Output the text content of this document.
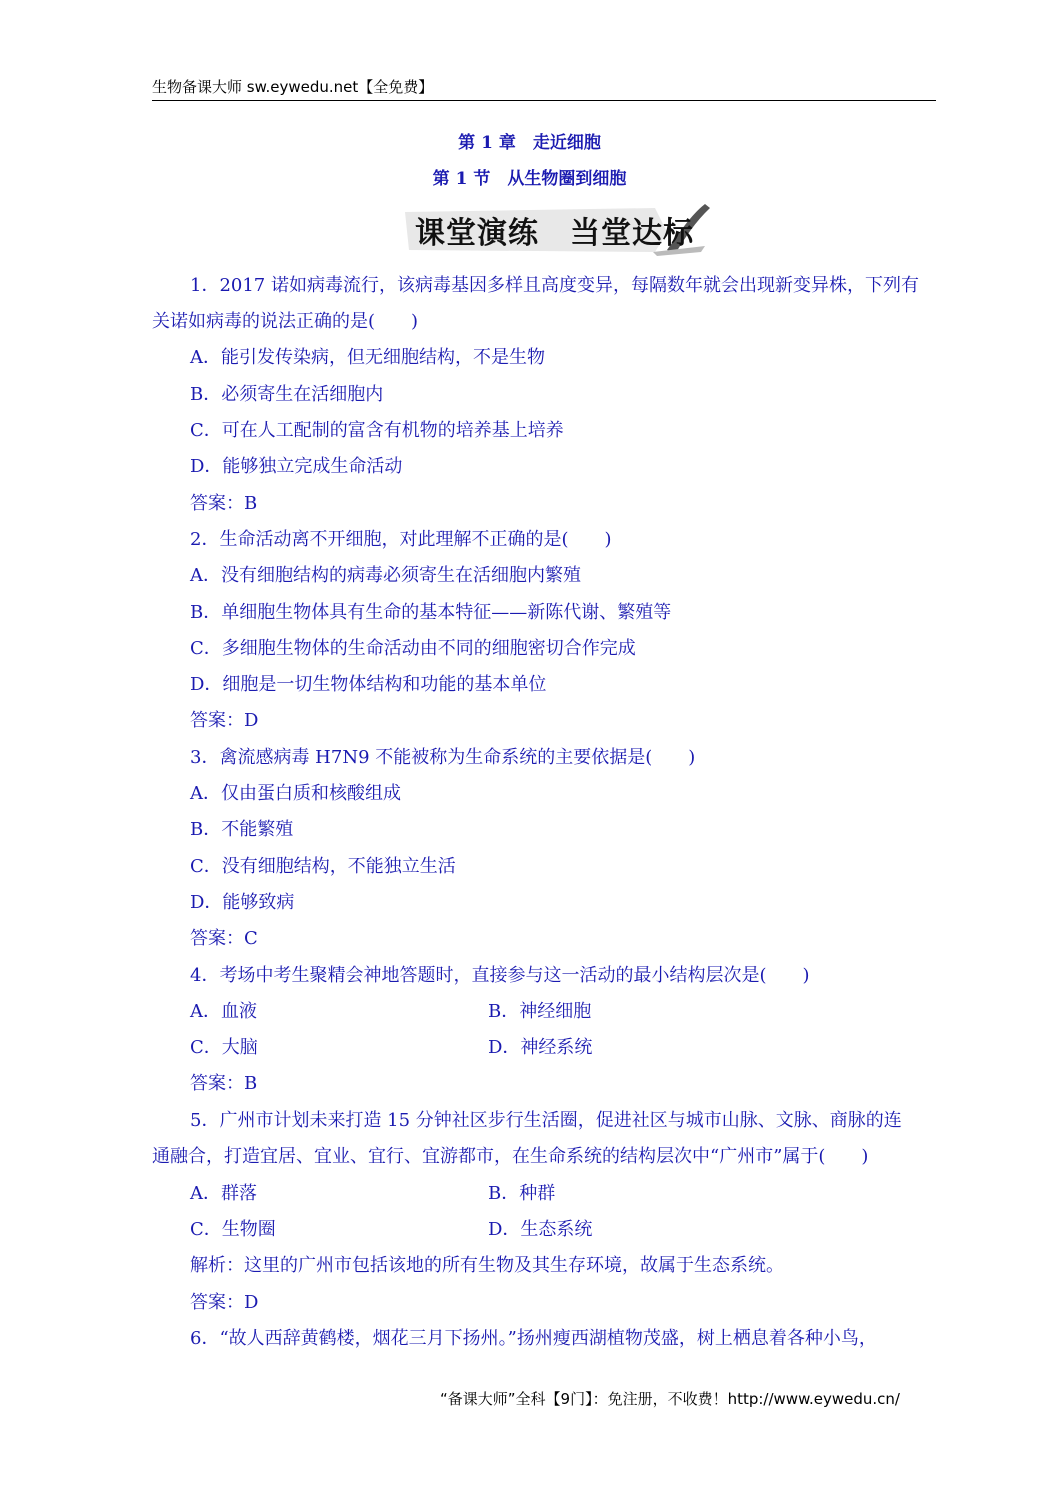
生物备课大师 sw.eywedu.net【全免费】
第 1 章　走近细胞
第 1 节　从生物圈到细胞
课堂演练　当堂达标
1．2017 诺如病毒流行，该病毒基因多样且高度变异，每隔数年就会出现新变异株，下列有
关诺如病毒的说法正确的是(　　)
A．能引发传染病，但无细胞结构，不是生物
B．必须寄生在活细胞内
C．可在人工配制的富含有机物的培养基上培养
D．能够独立完成生命活动
答案：B
2．生命活动离不开细胞，对此理解不正确的是(　　)
A．没有细胞结构的病毒必须寄生在活细胞内繁殖
B．单细胞生物体具有生命的基本特征——新陈代谢、繁殖等
C．多细胞生物体的生命活动由不同的细胞密切合作完成
D．细胞是一切生物体结构和功能的基本单位
答案：D
3．禽流感病毒 H7N9 不能被称为生命系统的主要依据是(　　)
A．仅由蛋白质和核酸组成
B．不能繁殖
C．没有细胞结构，不能独立生活
D．能够致病
答案：C
4．考场中考生聚精会神地答题时，直接参与这一活动的最小结构层次是(　　)
A．血液	B．神经细胞
C．大脑	D．神经系统
答案：B
5．广州市计划未来打造 15 分钟社区步行生活圈，促进社区与城市山脉、文脉、商脉的连
通融合，打造宜居、宜业、宜行、宜游都市，在生命系统的结构层次中“广州市”属于(　　)
A．群落	B．种群
C．生物圈	D．生态系统
解析：这里的广州市包括该地的所有生物及其生存环境，故属于生态系统。
答案：D
6．“故人西辞黄鹤楼，烟花三月下扬州。”扬州瘦西湖植物茂盛，树上栖息着各种小鸟，
“备课大师”全科【9门】：免注册，不收费！http://www.eywedu.cn/
